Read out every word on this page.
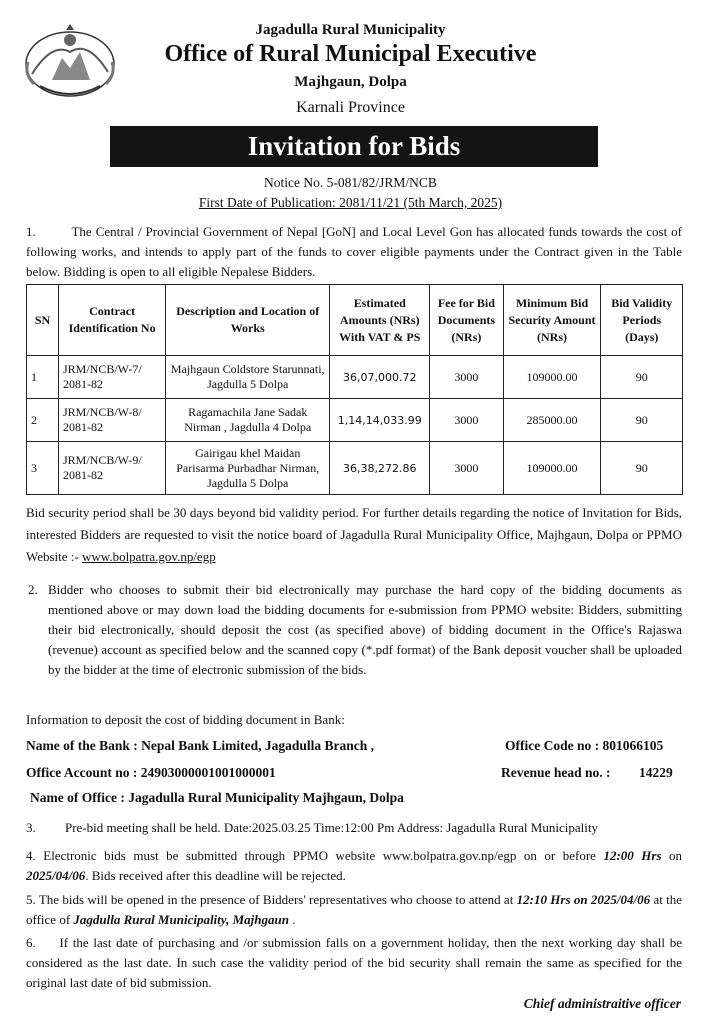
Jagadulla Rural Municipality
Office of Rural Municipal Executive
Majhgaun, Dolpa
Karnali Province
Invitation for Bids
Notice No. 5-081/82/JRM/NCB
First Date of Publication: 2081/11/21 (5th March, 2025)
1.	The Central / Provincial Government of Nepal [GoN] and Local Level Gon has allocated funds towards the cost of following works, and intends to apply part of the funds to cover eligible payments under the Contract given in the Table below. Bidding is open to all eligible Nepalese Bidders.
SN	Contract Identification No	Description and Location of Works	Estimated Amounts (NRs) With VAT & PS	Fee for Bid Documents (NRs)	Minimum Bid Security Amount (NRs)	Bid Validity Periods (Days)
1	JRM/NCB/W-7/ 2081-82	Majhgaun Coldstore Starunnati, Jagdulla 5 Dolpa	36,07,000.72	3000	109000.00	90
2	JRM/NCB/W-8/ 2081-82	Ragamachila Jane Sadak Nirman , Jagdulla 4 Dolpa	1,14,14,033.99	3000	285000.00	90
3	JRM/NCB/W-9/ 2081-82	Gairigau khel Maidan Parisarma Purbadhar Nirman, Jagdulla 5 Dolpa	36,38,272.86	3000	109000.00	90
Bid security period shall be 30 days beyond bid validity period. For further details regarding the notice of Invitation for Bids, interested Bidders are requested to visit the notice board of Jagadulla Rural Municipality Office, Majhgaun, Dolpa or PPMO Website :- www.bolpatra.gov.np/egp
2. Bidder who chooses to submit their bid electronically may purchase the hard copy of the bidding documents as mentioned above or may down load the bidding documents for e-submission from PPMO website: Bidders, submitting their bid electronically, should deposit the cost (as specified above) of bidding document in the Office's Rajaswa (revenue) account as specified below and the scanned copy (*.pdf format) of the Bank deposit voucher shall be uploaded by the bidder at the time of electronic submission of the bids.
Information to deposit the cost of bidding document in Bank:
Name of the Bank : Nepal Bank Limited, Jagadulla Branch ,	Office Code no : 801066105
Office Account no : 24903000001001000001	Revenue head no. : 14229
Name of Office : Jagadulla Rural Municipality Majhgaun, Dolpa
3. Pre-bid meeting shall be held. Date:2025.03.25 Time:12:00 Pm Address: Jagadulla Rural Municipality
4. Electronic bids must be submitted through PPMO website www.bolpatra.gov.np/egp on or before 12:00 Hrs on 2025/04/06. Bids received after this deadline will be rejected.
5. The bids will be opened in the presence of Bidders' representatives who choose to attend at 12:10 Hrs on 2025/04/06 at the office of Jagdulla Rural Municipality, Majhgaun .
6. If the last date of purchasing and /or submission falls on a government holiday, then the next working day shall be considered as the last date. In such case the validity period of the bid security shall remain the same as specified for the original last date of bid submission.
Chief administraitive officer
